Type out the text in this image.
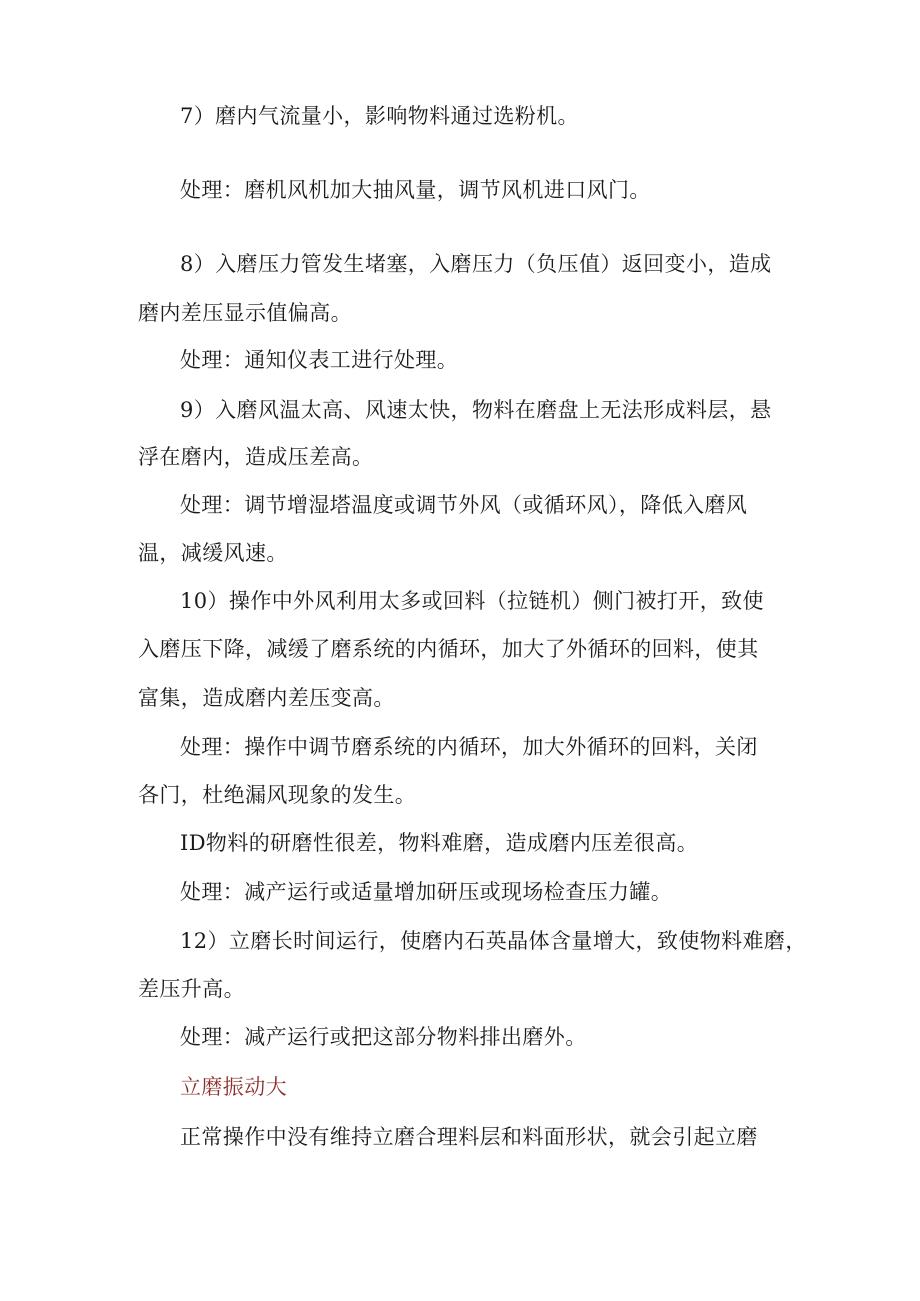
7）磨内气流量小，影响物料通过选粉机。

处理：磨机风机加大抽风量，调节风机进口风门。

8）入磨压力管发生堵塞，入磨压力（负压值）返回变小，造成

磨内差压显示值偏高。

处理：通知仪表工进行处理。

9）入磨风温太高、风速太快，物料在磨盘上无法形成料层，悬

浮在磨内，造成压差高。

处理：调节增湿塔温度或调节外风（或循环风），降低入磨风

温，减缓风速。

10）操作中外风利用太多或回料（拉链机）侧门被打开，致使

入磨压下降，减缓了磨系统的内循环，加大了外循环的回料，使其

富集，造成磨内差压变高。

处理：操作中调节磨系统的内循环，加大外循环的回料，关闭

各门，杜绝漏风现象的发生。

ID物料的研磨性很差，物料难磨，造成磨内压差很高。

处理：减产运行或适量增加研压或现场检查压力罐。

12）立磨长时间运行，使磨内石英晶体含量增大，致使物料难磨，

差压升高。

处理：减产运行或把这部分物料排出磨外。

立磨振动大

正常操作中没有维持立磨合理料层和料面形状，就会引起立磨
